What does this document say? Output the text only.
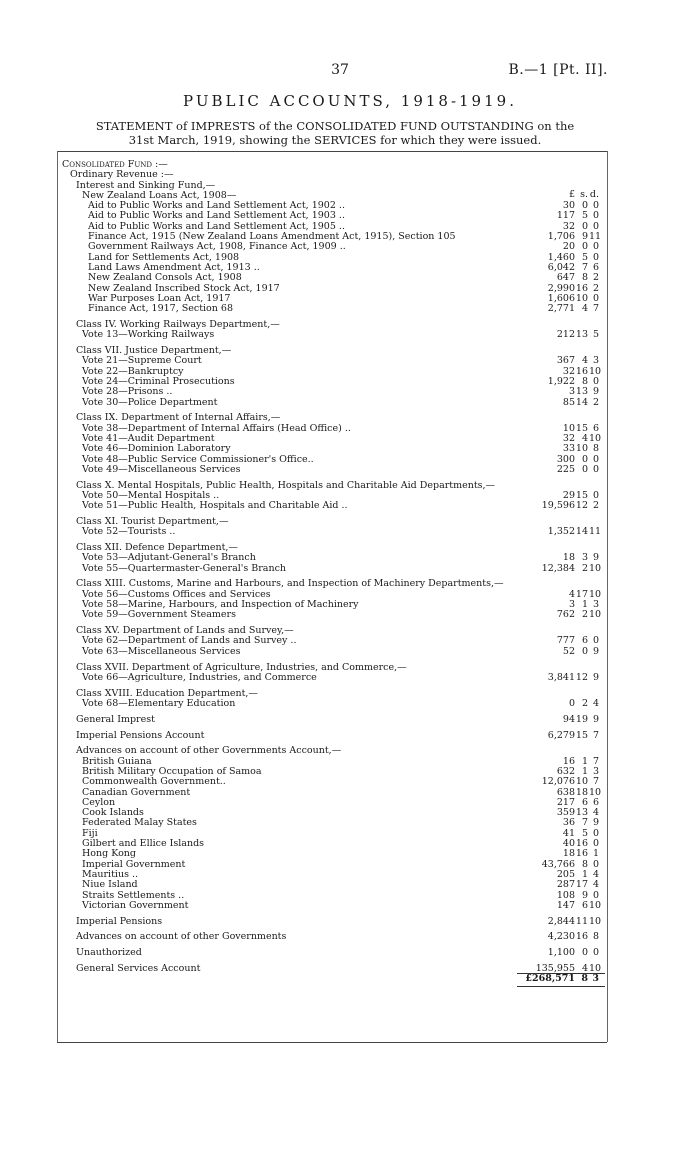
37	B.—1 [Pt. II].
PUBLIC ACCOUNTS, 1918-1919.
STATEMENT of IMPRESTS of the CONSOLIDATED FUND OUTSTANDING on the
31st March, 1919, showing the SERVICES for which they were issued.
£ s. d.
Consolidated Fund :—
Ordinary Revenue :—
Interest and Sinking Fund,—
New Zealand Loans Act, 1908—
Aid to Public Works and Land Settlement Act, 1902 ..	30 0 0
Aid to Public Works and Land Settlement Act, 1903 ..	117 5 0
Aid to Public Works and Land Settlement Act, 1905 ..	32 0 0
Finance Act, 1915 (New Zealand Loans Amendment Act, 1915), Section 105	1,706 9 11
Government Railways Act, 1908, Finance Act, 1909 ..	20 0 0
Land for Settlements Act, 1908	1,460 5 0
Land Laws Amendment Act, 1913 ..	6,042 7 6
New Zealand Consols Act, 1908	647 8 2
New Zealand Inscribed Stock Act, 1917	2,990 16 2
War Purposes Loan Act, 1917	1,606 10 0
Finance Act, 1917, Section 68	2,771 4 7
Class IV. Working Railways Department,—
Vote 13—Working Railways	212 13 5
Class VII. Justice Department,—
Vote 21—Supreme Court	367 4 3
Vote 22—Bankruptcy	32 16 10
Vote 24—Criminal Prosecutions	1,922 8 0
Vote 28—Prisons ..	3 13 9
Vote 30—Police Department	85 14 2
Class IX. Department of Internal Affairs,—
Vote 38—Department of Internal Affairs (Head Office) ..	10 15 6
Vote 41—Audit Department	32 4 10
Vote 46—Dominion Laboratory	33 10 8
Vote 48—Public Service Commissioner's Office..	300 0 0
Vote 49—Miscellaneous Services	225 0 0
Class X. Mental Hospitals, Public Health, Hospitals and Charitable Aid Departments,—
Vote 50—Mental Hospitals ..	29 15 0
Vote 51—Public Health, Hospitals and Charitable Aid ..	19,596 12 2
Class XI. Tourist Department,—
Vote 52—Tourists ..	1,352 14 11
Class XII. Defence Department,—
Vote 53—Adjutant-General's Branch	18 3 9
Vote 55—Quartermaster-General's Branch	12,384 2 10
Class XIII. Customs, Marine and Harbours, and Inspection of Machinery Departments,—
Vote 56—Customs Offices and Services	4 17 10
Vote 58—Marine, Harbours, and Inspection of Machinery	3 1 3
Vote 59—Government Steamers	762 2 10
Class XV. Department of Lands and Survey,—
Vote 62—Department of Lands and Survey ..	777 6 0
Vote 63—Miscellaneous Services	52 0 9
Class XVII. Department of Agriculture, Industries, and Commerce,—
Vote 66—Agriculture, Industries, and Commerce	3,841 12 9
Class XVIII. Education Department,—
Vote 68—Elementary Education	0 2 4
General Imprest	94 19 9
Imperial Pensions Account	6,279 15 7
Advances on account of other Governments Account,—
British Guiana	16 1 7
British Military Occupation of Samoa	632 1 3
Commonwealth Government..	12,076 10 7
Canadian Government	638 18 10
Ceylon	217 6 6
Cook Islands	359 13 4
Federated Malay States	36 7 9
Fiji	41 5 0
Gilbert and Ellice Islands	40 16 0
Hong Kong	18 16 1
Imperial Government	43,766 8 0
Mauritius ..	205 1 4
Niue Island	287 17 4
Straits Settlements ..	108 9 0
Victorian Government	147 6 10
Imperial Pensions	2,844 11 10
Advances on account of other Governments	4,230 16 8
Unauthorized	1,100 0 0
General Services Account	135,955 4 10
£268,571 8 3
